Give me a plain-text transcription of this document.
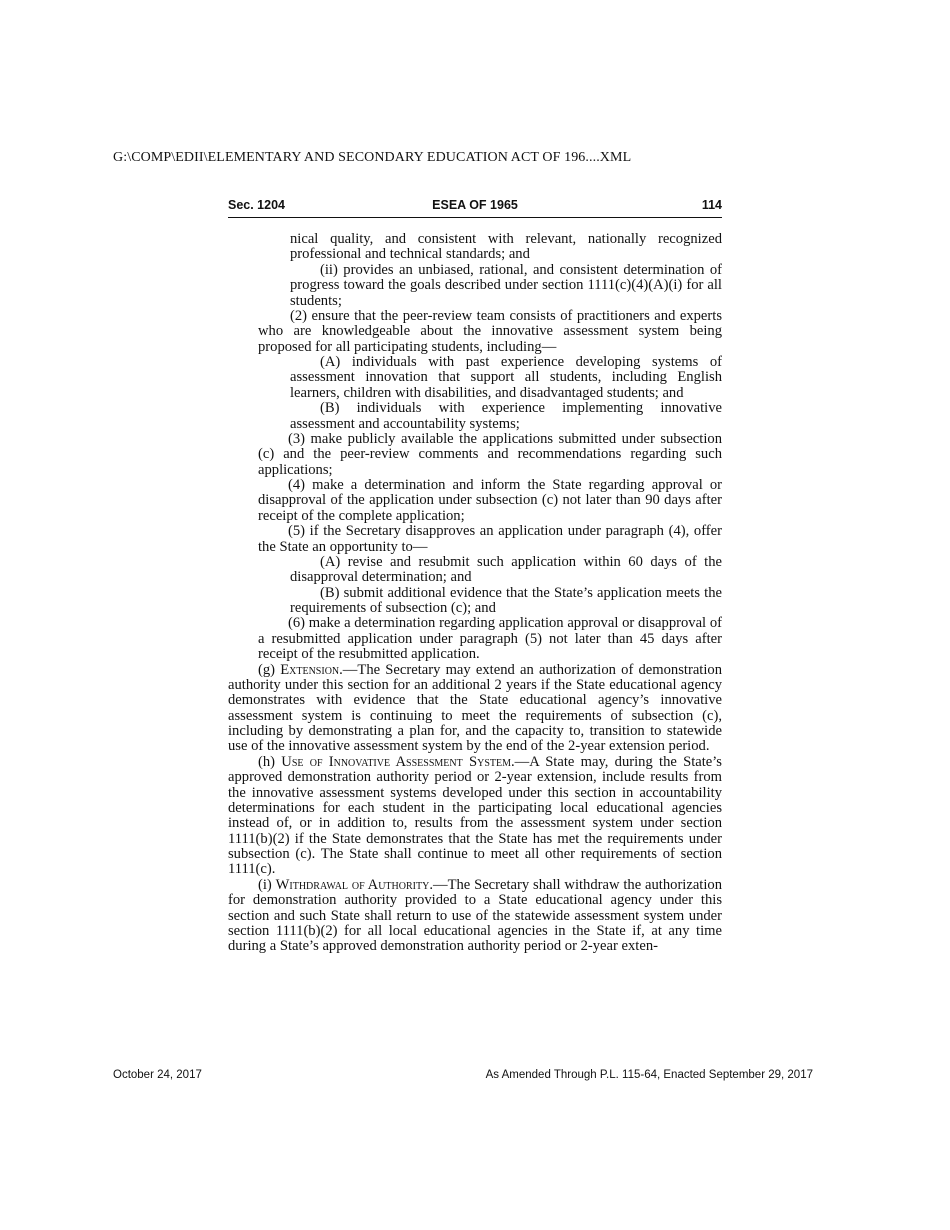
G:\COMP\EDII\ELEMENTARY AND SECONDARY EDUCATION ACT OF 196....XML
ESEA OF 1965
Sec. 1204	114

nical quality, and consistent with relevant, nationally recognized professional and technical standards; and

(ii) provides an unbiased, rational, and consistent determination of progress toward the goals described under section 1111(c)(4)(A)(i) for all students;

(2) ensure that the peer-review team consists of practitioners and experts who are knowledgeable about the innovative assessment system being proposed for all participating students, including—

(A) individuals with past experience developing systems of assessment innovation that support all students, including English learners, children with disabilities, and disadvantaged students; and

(B) individuals with experience implementing innovative assessment and accountability systems;

(3) make publicly available the applications submitted under subsection (c) and the peer-review comments and recommendations regarding such applications;

(4) make a determination and inform the State regarding approval or disapproval of the application under subsection (c) not later than 90 days after receipt of the complete application;

(5) if the Secretary disapproves an application under paragraph (4), offer the State an opportunity to—

(A) revise and resubmit such application within 60 days of the disapproval determination; and

(B) submit additional evidence that the State’s application meets the requirements of subsection (c); and

(6) make a determination regarding application approval or disapproval of a resubmitted application under paragraph (5) not later than 45 days after receipt of the resubmitted application.

(g) Extension.—The Secretary may extend an authorization of demonstration authority under this section for an additional 2 years if the State educational agency demonstrates with evidence that the State educational agency’s innovative assessment system is continuing to meet the requirements of subsection (c), including by demonstrating a plan for, and the capacity to, transition to statewide use of the innovative assessment system by the end of the 2-year extension period.

(h) Use of Innovative Assessment System.—A State may, during the State’s approved demonstration authority period or 2-year extension, include results from the innovative assessment systems developed under this section in accountability determinations for each student in the participating local educational agencies instead of, or in addition to, results from the assessment system under section 1111(b)(2) if the State demonstrates that the State has met the requirements under subsection (c). The State shall continue to meet all other requirements of section 1111(c).

(i) Withdrawal of Authority.—The Secretary shall withdraw the authorization for demonstration authority provided to a State educational agency under this section and such State shall return to use of the statewide assessment system under section 1111(b)(2) for all local educational agencies in the State if, at any time during a State’s approved demonstration authority period or 2-year exten-

October 24, 2017	As Amended Through P.L. 115-64, Enacted September 29, 2017
